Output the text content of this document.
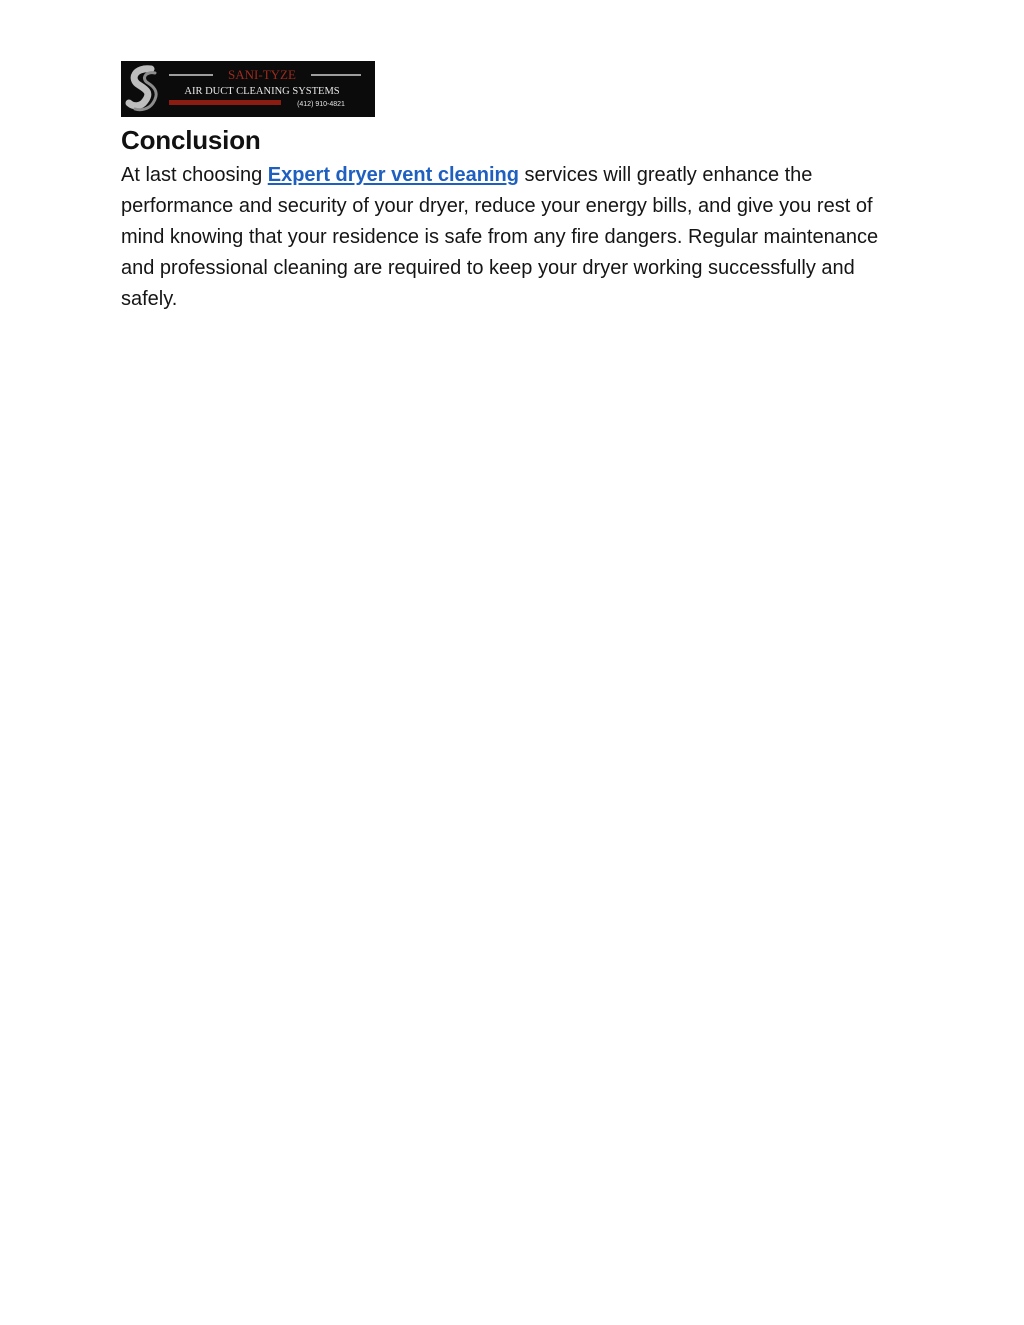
SANI-TYZE
AIR DUCT CLEANING SYSTEMS
(412) 910-4821
Conclusion

At last choosing Expert dryer vent cleaning services will greatly enhance the performance and security of your dryer, reduce your energy bills, and give you rest of mind knowing that your residence is safe from any fire dangers. Regular maintenance and professional cleaning are required to keep your dryer working successfully and safely.
